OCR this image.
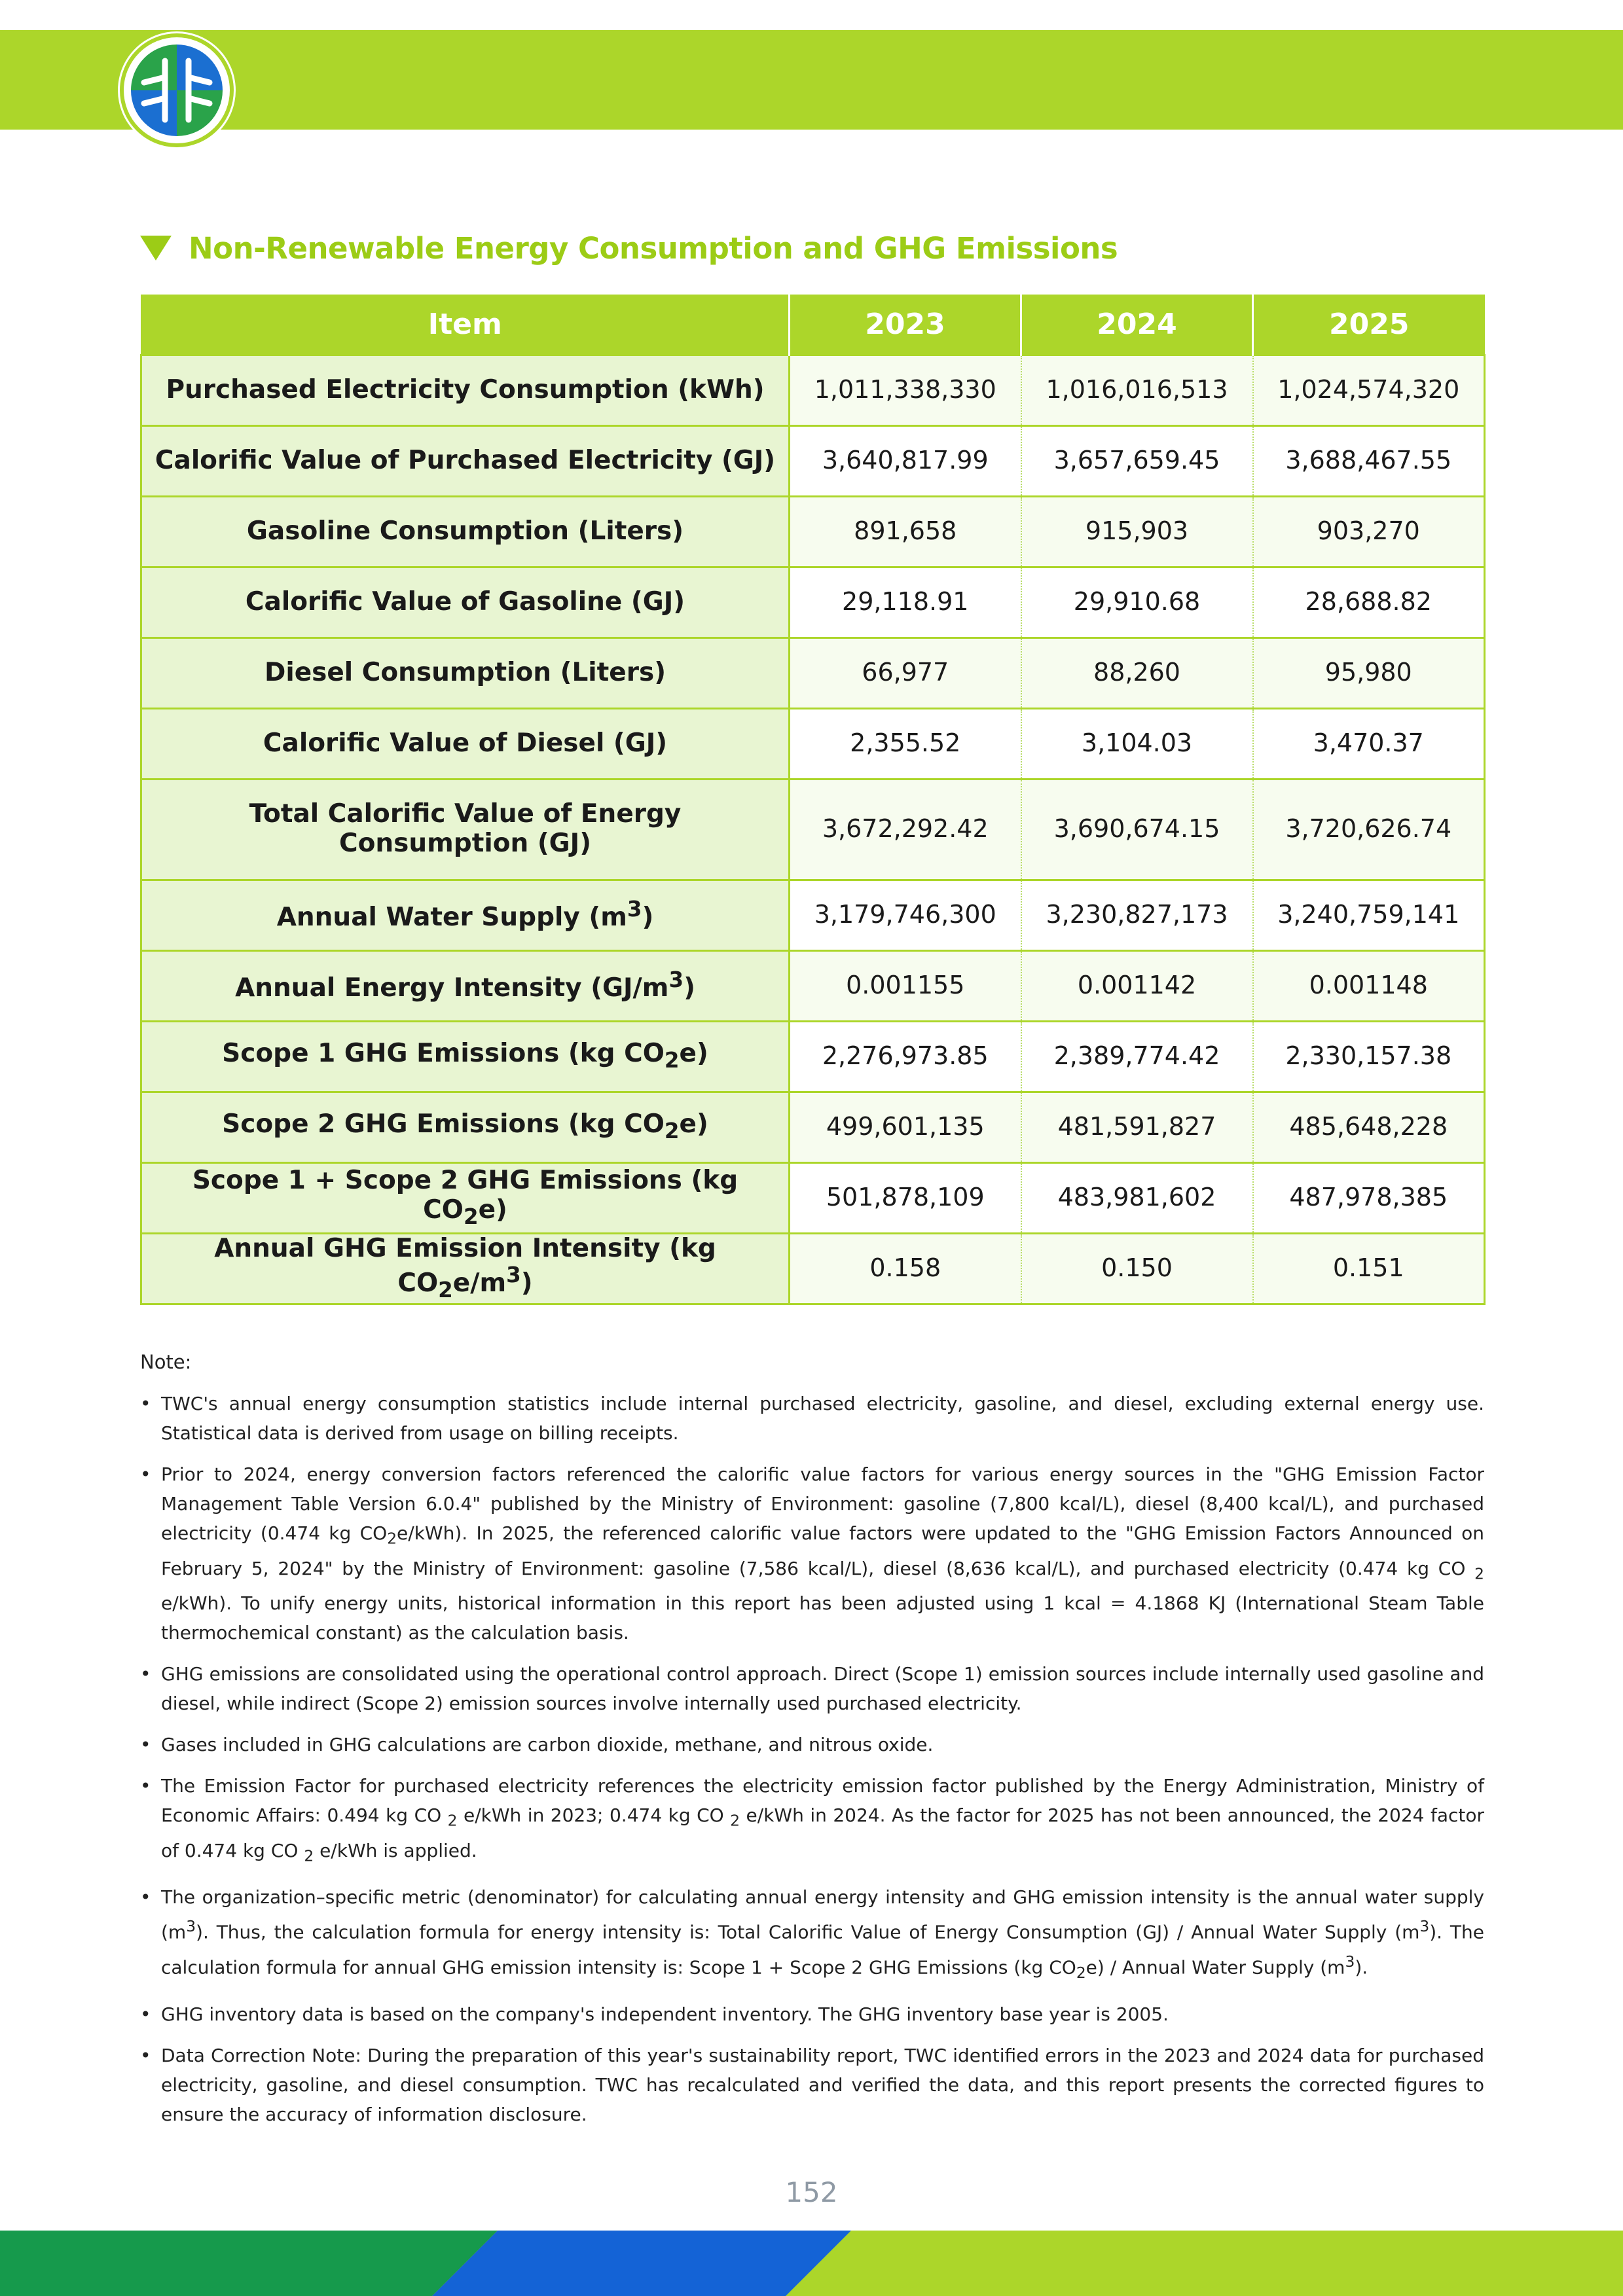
Non-Renewable Energy Consumption and GHG Emissions
Item	2023	2024	2025
Purchased Electricity Consumption (kWh)	1,011,338,330	1,016,016,513	1,024,574,320
Calorific Value of Purchased Electricity (GJ)	3,640,817.99	3,657,659.45	3,688,467.55
Gasoline Consumption (Liters)	891,658	915,903	903,270
Calorific Value of Gasoline (GJ)	29,118.91	29,910.68	28,688.82
Diesel Consumption (Liters)	66,977	88,260	95,980
Calorific Value of Diesel (GJ)	2,355.52	3,104.03	3,470.37
Total Calorific Value of Energy
Consumption (GJ)	3,672,292.42	3,690,674.15	3,720,626.74
Annual Water Supply $(m^3)$	3,179,746,300	3,230,827,173	3,240,759,141
Annual Energy Intensity $(GJ/m^3)$	0.001155	0.001142	0.001148
Scope 1 GHG Emissions (kg $CO_2e$)	2,276,973.85	2,389,774.42	2,330,157.38
Scope 2 GHG Emissions (kg $CO_2e$)	499,601,135	481,591,827	485,648,228
Scope 1 + Scope 2 GHG Emissions (kg $CO_2e$)	501,878,109	483,981,602	487,978,385
Annual GHG Emission Intensity (kg $CO_2e/m^3$)	0.158	0.150	0.151
Note:
• TWC's annual energy consumption statistics include internal purchased electricity, gasoline, and diesel, excluding external energy use. Statistical data is derived from usage on billing receipts.
• Prior to 2024, energy conversion factors referenced the calorific value factors for various energy sources in the "GHG Emission Factor Management Table Version 6.0.4" published by the Ministry of Environment: gasoline (7,800 kcal/L), diesel (8,400 kcal/L), and purchased electricity (0.474 kg $CO_2e/kWh$). In 2025, the referenced calorific value factors were updated to the "GHG Emission Factors Announced on February 5, 2024" by the Ministry of Environment: gasoline (7,586 kcal/L), diesel (8,636 kcal/L), and purchased electricity (0.474 kg CO $_2$ e/kWh). To unify energy units, historical information in this report has been adjusted using 1 kcal = 4.1868 KJ (International Steam Table thermochemical constant) as the calculation basis.
• GHG emissions are consolidated using the operational control approach. Direct (Scope 1) emission sources include internally used gasoline and diesel, while indirect (Scope 2) emission sources involve internally used purchased electricity.
• Gases included in GHG calculations are carbon dioxide, methane, and nitrous oxide.
• The Emission Factor for purchased electricity references the electricity emission factor published by the Energy Administration, Ministry of Economic Affairs: 0.494 kg CO $_2$ e/kWh in 2023; 0.474 kg CO $_2$ e/kWh in 2024. As the factor for 2025 has not been announced, the 2024 factor of 0.474 kg CO $_2$ e/kWh is applied.
• The organization–specific metric (denominator) for calculating annual energy intensity and GHG emission intensity is the annual water supply $(m^3)$. Thus, the calculation formula for energy intensity is: Total Calorific Value of Energy Consumption (GJ) / Annual Water Supply $(m^3)$. The calculation formula for annual GHG emission intensity is: Scope 1 + Scope 2 GHG Emissions (kg $CO_2e$) / Annual Water Supply $(m^3)$.
• GHG inventory data is based on the company's independent inventory. The GHG inventory base year is 2005.
• Data Correction Note: During the preparation of this year's sustainability report, TWC identified errors in the 2023 and 2024 data for purchased electricity, gasoline, and diesel consumption. TWC has recalculated and verified the data, and this report presents the corrected figures to ensure the accuracy of information disclosure.
152
